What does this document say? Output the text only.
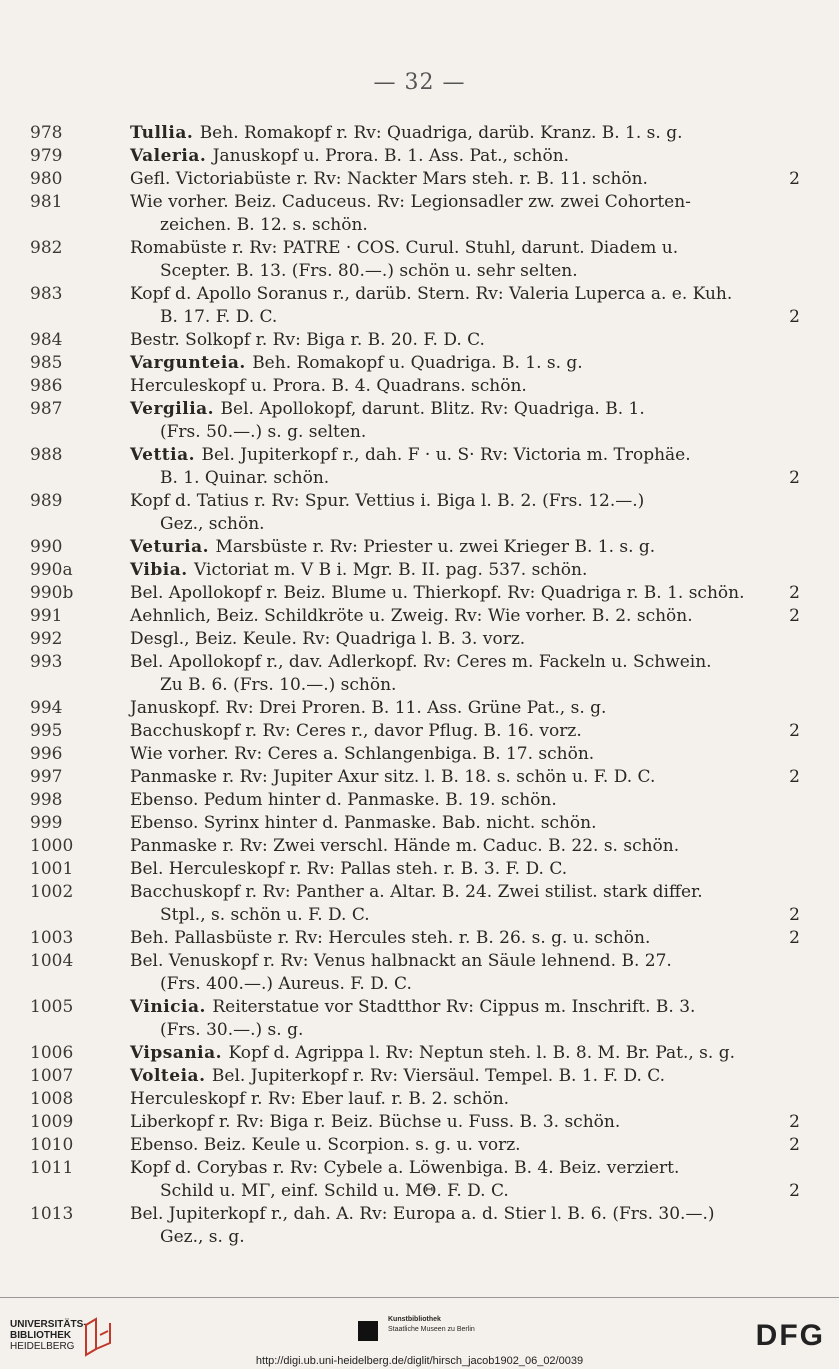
— 32 —
978	Tullia. Beh. Romakopf r. Rv: Quadriga, darüb. Kranz. B. 1. s. g.
979	Valeria. Januskopf u. Prora. B. 1. Ass. Pat., schön.
980	Gefl. Victoriabüste r. Rv: Nackter Mars steh. r. B. 11. schön.	2
981	Wie vorher. Beiz. Caduceus. Rv: Legionsadler zw. zwei Cohorten-
zeichen. B. 12. s. schön.
982	Romabüste r. Rv: PATRE · COS. Curul. Stuhl, darunt. Diadem u.
Scepter. B. 13. (Frs. 80.—.) schön u. sehr selten.
983	Kopf d. Apollo Soranus r., darüb. Stern. Rv: Valeria Luperca a. e. Kuh.
B. 17. F. D. C.	2
984	Bestr. Solkopf r. Rv: Biga r. B. 20. F. D. C.
985	Vargunteia. Beh. Romakopf u. Quadriga. B. 1. s. g.
986	Herculeskopf u. Prora. B. 4. Quadrans. schön.
987	Vergilia. Bel. Apollokopf, darunt. Blitz. Rv: Quadriga. B. 1.
(Frs. 50.—.) s. g. selten.
988	Vettia. Bel. Jupiterkopf r., dah. F · u. S· Rv: Victoria m. Trophäe.
B. 1. Quinar. schön.	2
989	Kopf d. Tatius r. Rv: Spur. Vettius i. Biga l. B. 2. (Frs. 12.—.)
Gez., schön.
990	Veturia. Marsbüste r. Rv: Priester u. zwei Krieger B. 1. s. g.
990a	Vibia. Victoriat m. V B i. Mgr. B. II. pag. 537. schön.
990b	Bel. Apollokopf r. Beiz. Blume u. Thierkopf. Rv: Quadriga r. B. 1. schön.	2
991	Aehnlich, Beiz. Schildkröte u. Zweig. Rv: Wie vorher. B. 2. schön.	2
992	Desgl., Beiz. Keule. Rv: Quadriga l. B. 3. vorz.
993	Bel. Apollokopf r., dav. Adlerkopf. Rv: Ceres m. Fackeln u. Schwein.
Zu B. 6. (Frs. 10.—.) schön.
994	Januskopf. Rv: Drei Proren. B. 11. Ass. Grüne Pat., s. g.
995	Bacchuskopf r. Rv: Ceres r., davor Pflug. B. 16. vorz.	2
996	Wie vorher. Rv: Ceres a. Schlangenbiga. B. 17. schön.
997	Panmaske r. Rv: Jupiter Axur sitz. l. B. 18. s. schön u. F. D. C.	2
998	Ebenso. Pedum hinter d. Panmaske. B. 19. schön.
999	Ebenso. Syrinx hinter d. Panmaske. Bab. nicht. schön.
1000	Panmaske r. Rv: Zwei verschl. Hände m. Caduc. B. 22. s. schön.
1001	Bel. Herculeskopf r. Rv: Pallas steh. r. B. 3. F. D. C.
1002	Bacchuskopf r. Rv: Panther a. Altar. B. 24. Zwei stilist. stark differ.
Stpl., s. schön u. F. D. C.	2
1003	Beh. Pallasbüste r. Rv: Hercules steh. r. B. 26. s. g. u. schön.	2
1004	Bel. Venuskopf r. Rv: Venus halbnackt an Säule lehnend. B. 27.
(Frs. 400.—.) Aureus. F. D. C.
1005	Vinicia. Reiterstatue vor Stadtthor Rv: Cippus m. Inschrift. B. 3.
(Frs. 30.—.) s. g.
1006	Vipsania. Kopf d. Agrippa l. Rv: Neptun steh. l. B. 8. M. Br. Pat., s. g.
1007	Volteia. Bel. Jupiterkopf r. Rv: Viersäul. Tempel. B. 1. F. D. C.
1008	Herculeskopf r. Rv: Eber lauf. r. B. 2. schön.
1009	Liberkopf r. Rv: Biga r. Beiz. Büchse u. Fuss. B. 3. schön.	2
1010	Ebenso. Beiz. Keule u. Scorpion. s. g. u. vorz.	2
1011	Kopf d. Corybas r. Rv: Cybele a. Löwenbiga. B. 4. Beiz. verziert.
Schild u. MΓ, einf. Schild u. MΘ. F. D. C.	2
1013	Bel. Jupiterkopf r., dah. A. Rv: Europa a. d. Stier l. B. 6. (Frs. 30.—.)
Gez., s. g.
UNIVERSITÄTS-
BIBLIOTHEK
HEIDELBERG
Kunstbibliothek
Staatliche Museen zu Berlin	DFG
http://digi.ub.uni-heidelberg.de/diglit/hirsch_jacob1902_06_02/0039
